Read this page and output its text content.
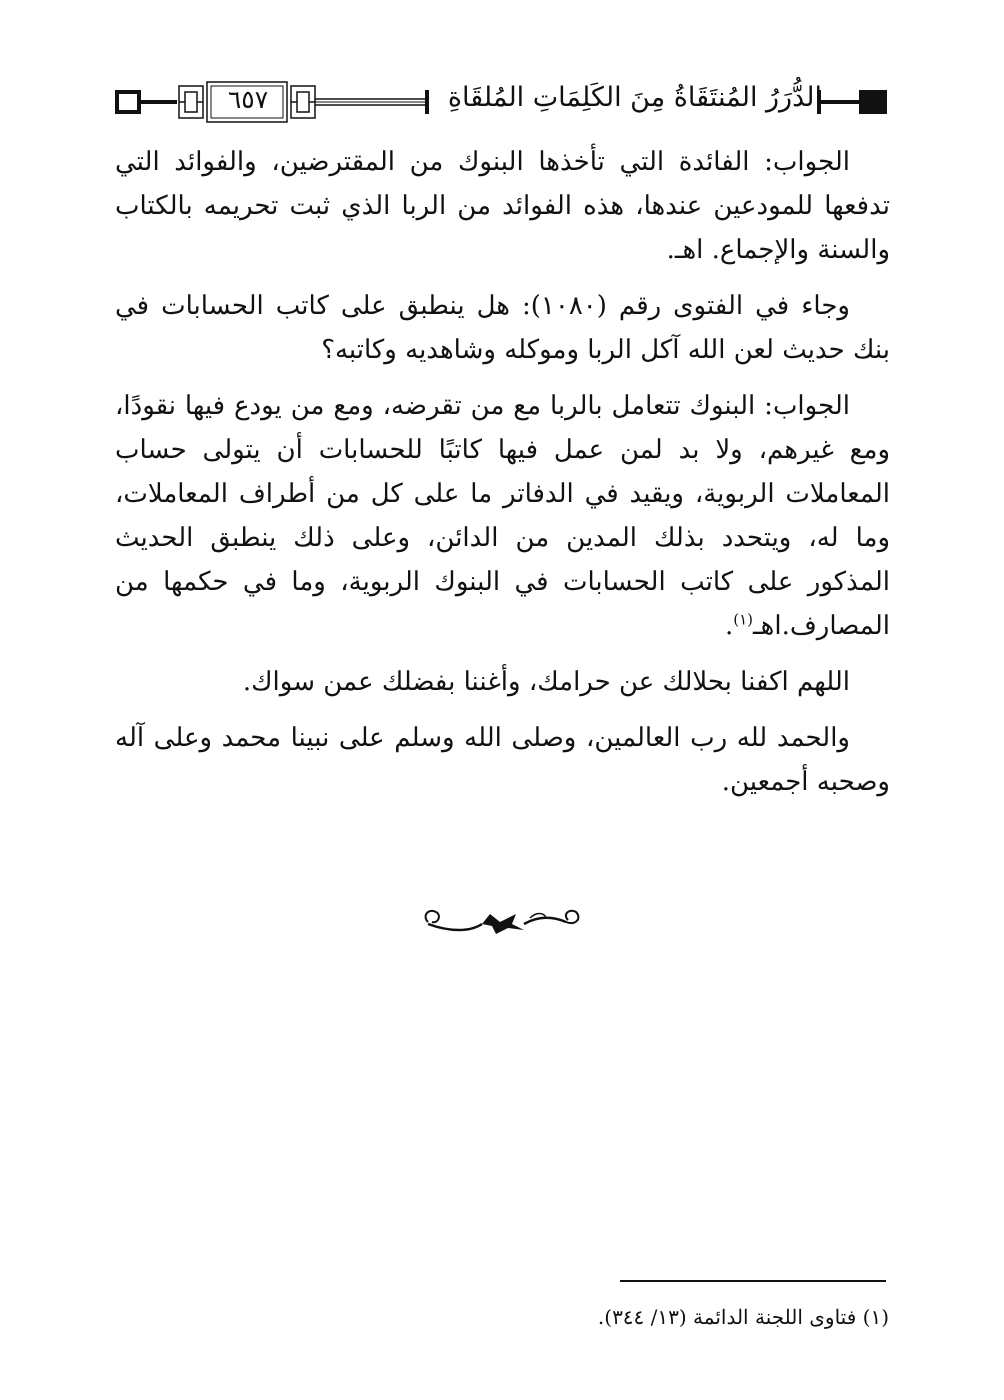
٦٥٧	الدُّرَرُ المُنتَقَاةُ مِنَ الكَلِمَاتِ المُلقَاةِ

الجواب: الفائدة التي تأخذها البنوك من المقترضين، والفوائد التي تدفعها للمودعين عندها، هذه الفوائد من الربا الذي ثبت تحريمه بالكتاب والسنة والإجماع. اهـ.

وجاء في الفتوى رقم (١٠٨٠): هل ينطبق على كاتب الحسابات في بنك حديث لعن الله آكل الربا وموكله وشاهديه وكاتبه؟

الجواب: البنوك تتعامل بالربا مع من تقرضه، ومع من يودع فيها نقودًا، ومع غيرهم، ولا بد لمن عمل فيها كاتبًا للحسابات أن يتولى حساب المعاملات الربوية، ويقيد في الدفاتر ما على كل من أطراف المعاملات، وما له، ويتحدد بذلك المدين من الدائن، وعلى ذلك ينطبق الحديث المذكور على كاتب الحسابات في البنوك الربوية، وما في حكمها من المصارف.اهـ$^{(١)}$.

اللهم اكفنا بحلالك عن حرامك، وأغننا بفضلك عمن سواك.

والحمد لله رب العالمين، وصلى الله وسلم على نبينا محمد وعلى آله وصحبه أجمعين.

(١) فتاوى اللجنة الدائمة (١٣/ ٣٤٤).
